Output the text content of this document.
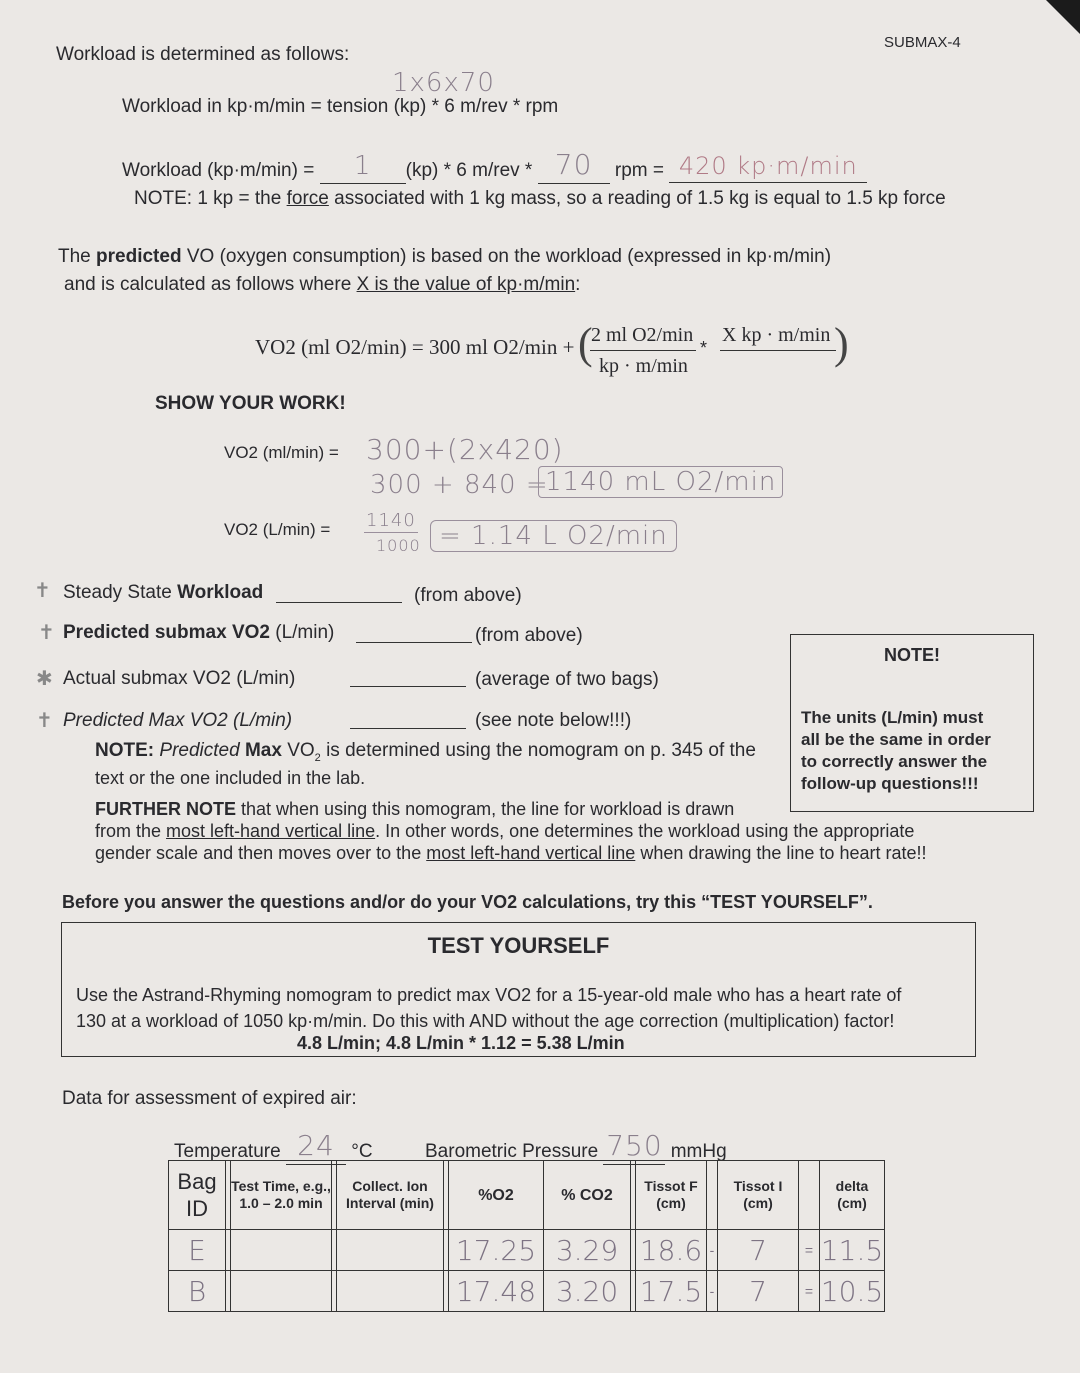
SUBMAX-4
Workload is determined as follows:
1x6x70
Workload in kp·m/min = tension (kp) * 6 m/rev * rpm
Workload (kp·m/min) = 1 (kp) * 6 m/rev * 70 rpm = 420 kp·m/min
NOTE: 1 kp = the force associated with 1 kg mass, so a reading of 1.5 kg is equal to 1.5 kp force
The predicted VO (oxygen consumption) is based on the workload (expressed in kp·m/min)
and is calculated as follows where X is the value of kp·m/min:
VO2 (ml O2/min) = 300 ml O2/min + (
2 ml O2/min
kp · m/min
*
X kp · m/min )
SHOW YOUR WORK!
VO2 (ml/min) = 300+(2x420)
300 + 840 =
1140 mL O2/min
VO2 (L/min) = 1140
1000 = 1.14 L O2/min
✝ Steady State Workload	(from above)
✝ Predicted submax VO2 (L/min)	(from above)
✱ Actual submax VO2 (L/min)	(average of two bags)
✝ Predicted Max VO2 (L/min)	(see note below!!!)
NOTE!
The units (L/min) must
all be the same in order
to correctly answer the
follow-up questions!!!
NOTE: Predicted Max $VO_2$ is determined using the nomogram on p. 345 of the
text or the one included in the lab.
FURTHER NOTE that when using this nomogram, the line for workload is drawn
from the most left-hand vertical line. In other words, one determines the workload using the appropriate
gender scale and then moves over to the most left-hand vertical line when drawing the line to heart rate!!
Before you answer the questions and/or do your VO2 calculations, try this “TEST YOURSELF”.
TEST YOURSELF
Use the Astrand-Rhyming nomogram to predict max VO2 for a 15-year-old male who has a heart rate of
130 at a workload of 1050 kp·m/min. Do this with AND without the age correction (multiplication) factor!
4.8 L/min; 4.8 L/min * 1.12 = 5.38 L/min
Data for assessment of expired air:
Temperature 24 °C	Barometric Pressure 750 mmHg
Bag ID		Test Time, e.g., 1.0 – 2.0 min		Collect. Ion Interval (min)		%O2	% CO2		Tissot F (cm)		Tissot I (cm)		delta (cm)
E						17.25	3.29		18.6	-	7	=	11.5
B						17.48	3.20		17.5	-	7	=	10.5
